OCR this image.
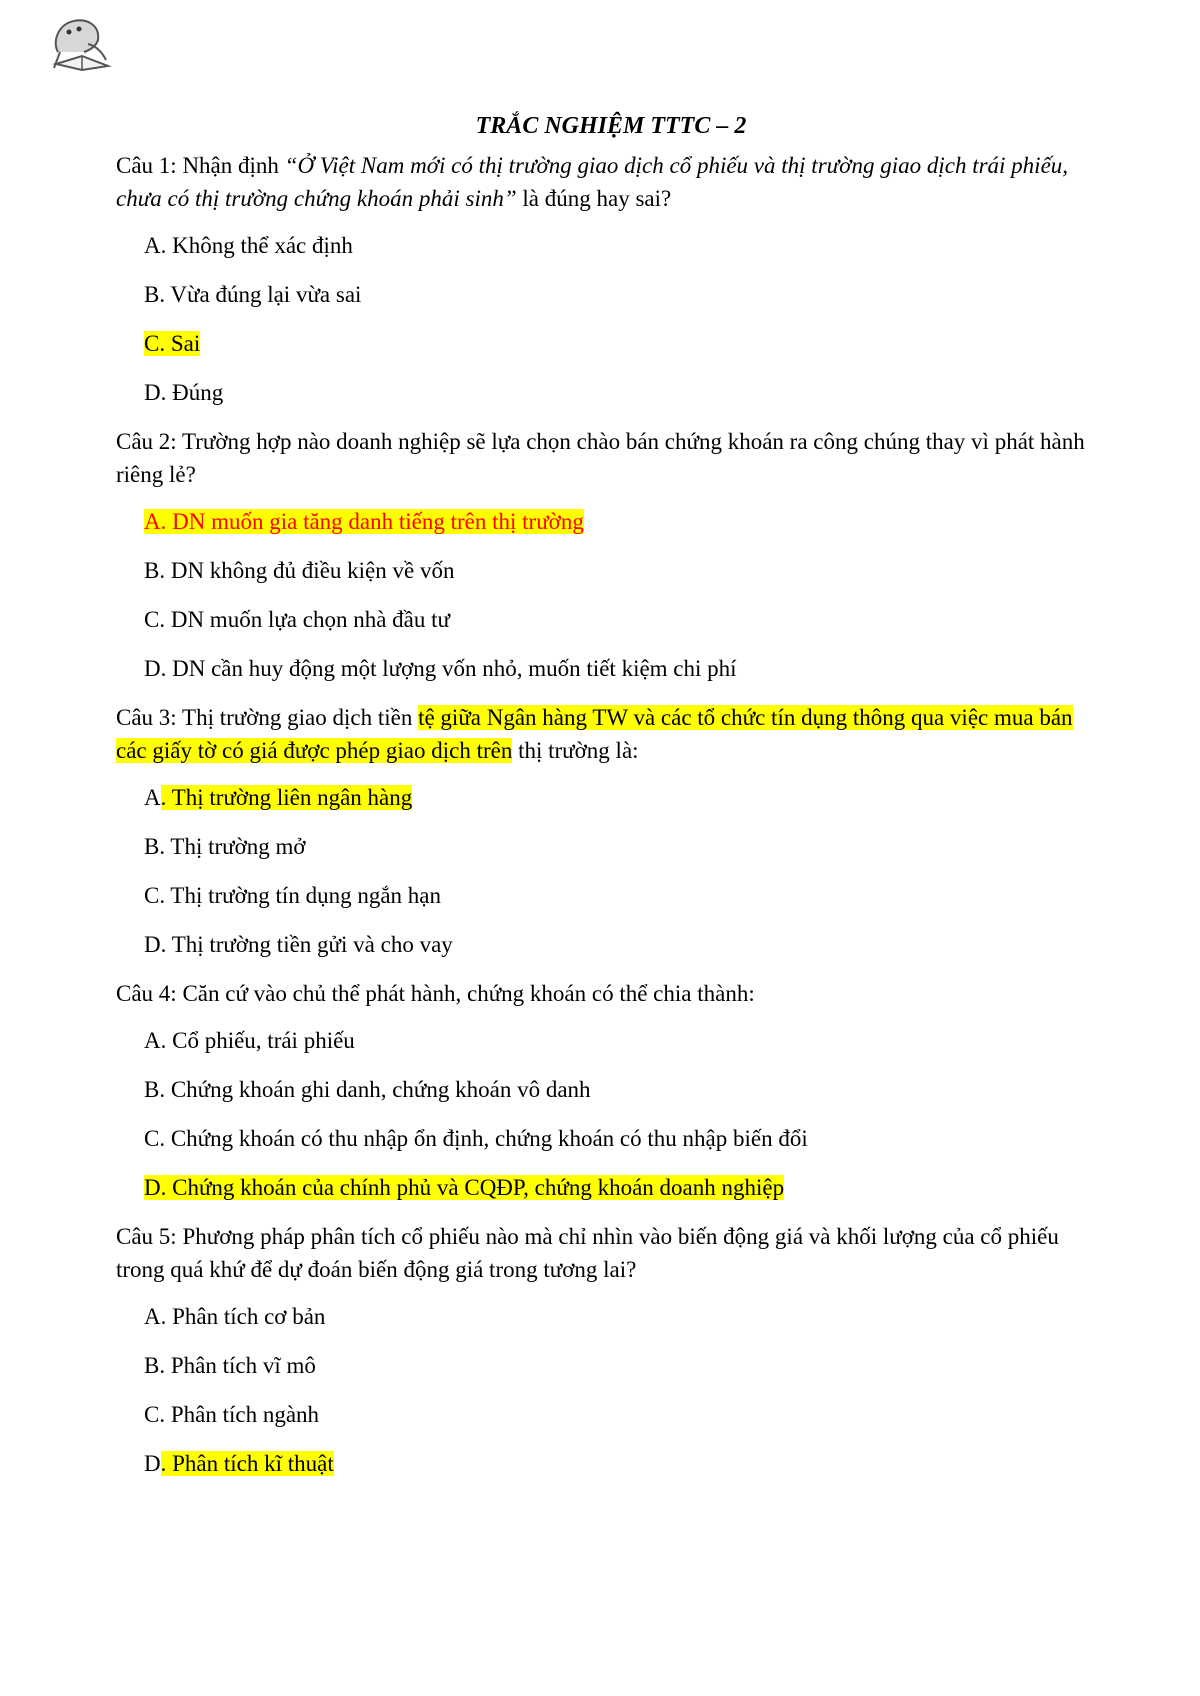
TRẮC NGHIỆM TTTC – 2
Câu 1: Nhận định “Ở Việt Nam mới có thị trường giao dịch cổ phiếu và thị trường giao dịch trái phiếu, chưa có thị trường chứng khoán phải sinh” là đúng hay sai?
A. Không thể xác định
B. Vừa đúng lại vừa sai
C. Sai
D. Đúng
Câu 2: Trường hợp nào doanh nghiệp sẽ lựa chọn chào bán chứng khoán ra công chúng thay vì phát hành riêng lẻ?
A. DN muốn gia tăng danh tiếng trên thị trường
B. DN không đủ điều kiện về vốn
C. DN muốn lựa chọn nhà đầu tư
D. DN cần huy động một lượng vốn nhỏ, muốn tiết kiệm chi phí
Câu 3: Thị trường giao dịch tiền tệ giữa Ngân hàng TW và các tổ chức tín dụng thông qua việc mua bán các giấy tờ có giá được phép giao dịch trên thị trường là:
A. Thị trường liên ngân hàng
B. Thị trường mở
C. Thị trường tín dụng ngắn hạn
D. Thị trường tiền gửi và cho vay
Câu 4: Căn cứ vào chủ thể phát hành, chứng khoán có thể chia thành:
A. Cổ phiếu, trái phiếu
B. Chứng khoán ghi danh, chứng khoán vô danh
C. Chứng khoán có thu nhập ổn định, chứng khoán có thu nhập biến đổi
D. Chứng khoán của chính phủ và CQĐP, chứng khoán doanh nghiệp
Câu 5: Phương pháp phân tích cổ phiếu nào mà chỉ nhìn vào biến động giá và khối lượng của cổ phiếu trong quá khứ để dự đoán biến động giá trong tương lai?
A. Phân tích cơ bản
B. Phân tích vĩ mô
C. Phân tích ngành
D. Phân tích kĩ thuật
